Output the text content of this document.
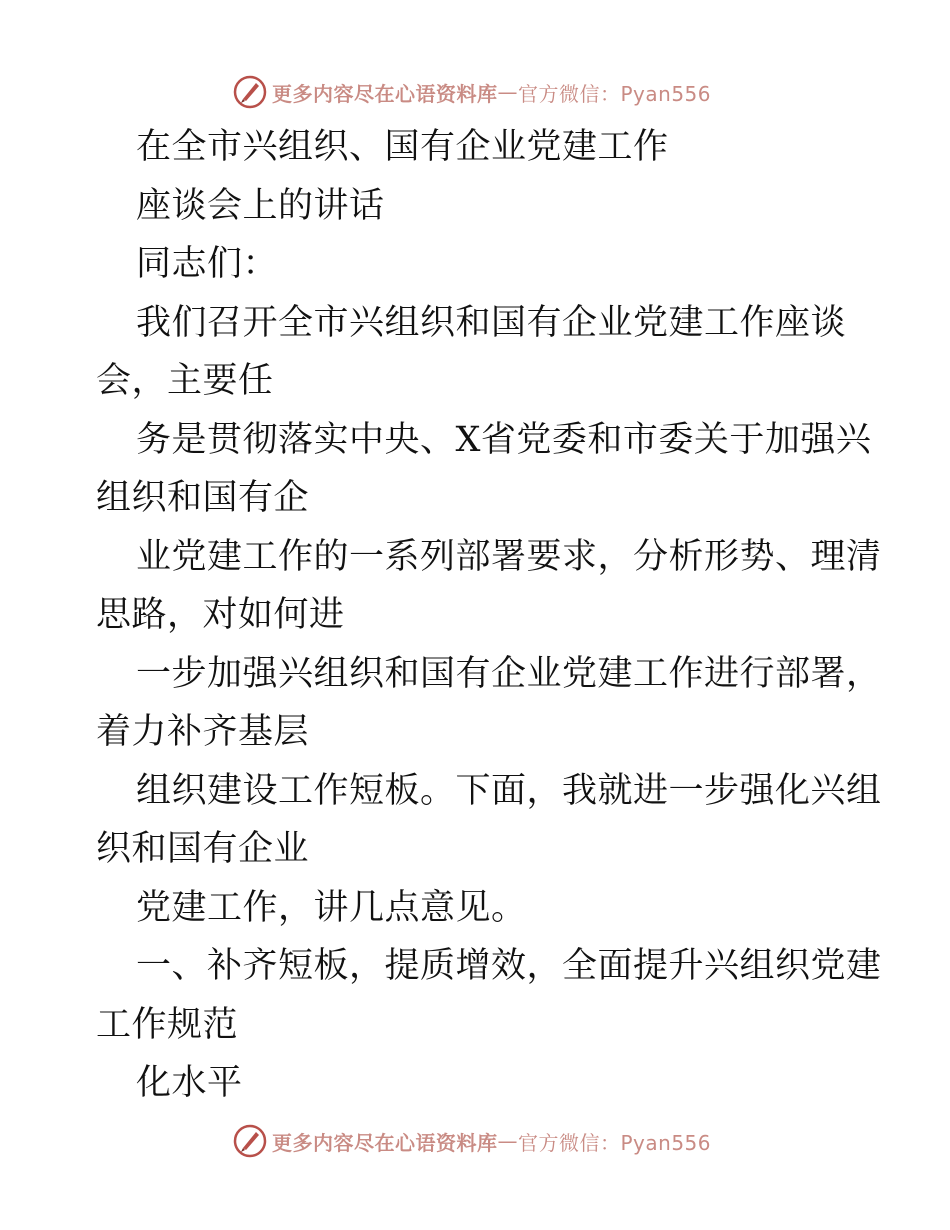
更多内容尽在心语资料库 — 官方微信：Pyan556
在全市兴组织、国有企业党建工作
座谈会上的讲话
同志们：
我们召开全市兴组织和国有企业党建工作座谈
会，主要任
务是贯彻落实中央、X省党委和市委关于加强兴
组织和国有企
业党建工作的一系列部署要求，分析形势、理清
思路，对如何进
一步加强兴组织和国有企业党建工作进行部署，
着力补齐基层
组织建设工作短板。下面，我就进一步强化兴组
织和国有企业
党建工作，讲几点意见。
一、补齐短板，提质增效，全面提升兴组织党建
工作规范
化水平
更多内容尽在心语资料库 — 官方微信：Pyan556
